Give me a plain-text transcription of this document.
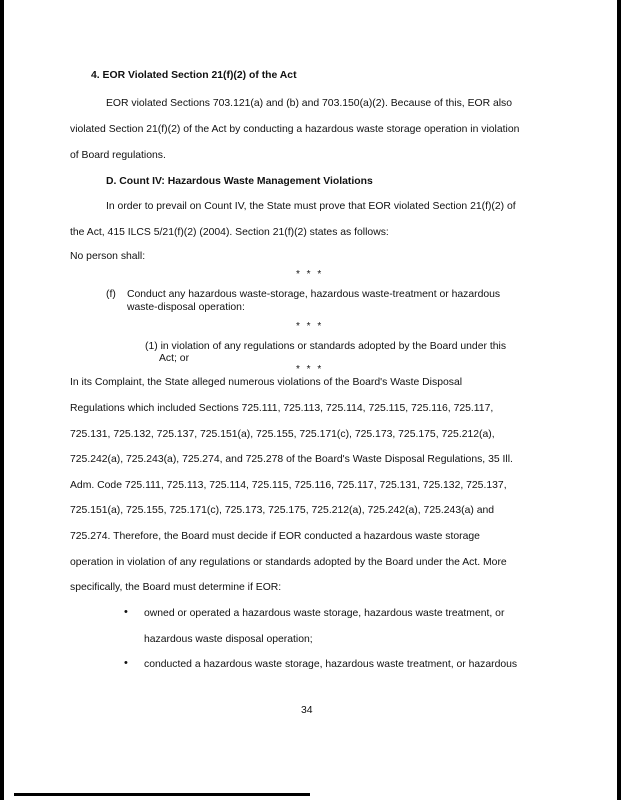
4. EOR Violated Section 21(f)(2) of the Act
EOR violated Sections 703.121(a) and (b) and 703.150(a)(2). Because of this, EOR also
violated Section 21(f)(2) of the Act by conducting a hazardous waste storage operation in violation
of Board regulations.
D. Count IV: Hazardous Waste Management Violations
In order to prevail on Count IV, the State must prove that EOR violated Section 21(f)(2) of
the Act, 415 ILCS 5/21(f)(2) (2004). Section 21(f)(2) states as follows:
No person shall:
* * *
(f) Conduct any hazardous waste-storage, hazardous waste-treatment or hazardous
waste-disposal operation:
* * *
(1) in violation of any regulations or standards adopted by the Board under this
Act; or
* * *
In its Complaint, the State alleged numerous violations of the Board's Waste Disposal
Regulations which included Sections 725.111, 725.113, 725.114, 725.115, 725.116, 725.117,
725.131, 725.132, 725.137, 725.151(a), 725.155, 725.171(c), 725.173, 725.175, 725.212(a),
725.242(a), 725.243(a), 725.274, and 725.278 of the Board's Waste Disposal Regulations, 35 Ill.
Adm. Code 725.111, 725.113, 725.114, 725.115, 725.116, 725.117, 725.131, 725.132, 725.137,
725.151(a), 725.155, 725.171(c), 725.173, 725.175, 725.212(a), 725.242(a), 725.243(a) and
725.274. Therefore, the Board must decide if EOR conducted a hazardous waste storage
operation in violation of any regulations or standards adopted by the Board under the Act. More
specifically, the Board must determine if EOR:
• owned or operated a hazardous waste storage, hazardous waste treatment, or
hazardous waste disposal operation;
• conducted a hazardous waste storage, hazardous waste treatment, or hazardous
34
